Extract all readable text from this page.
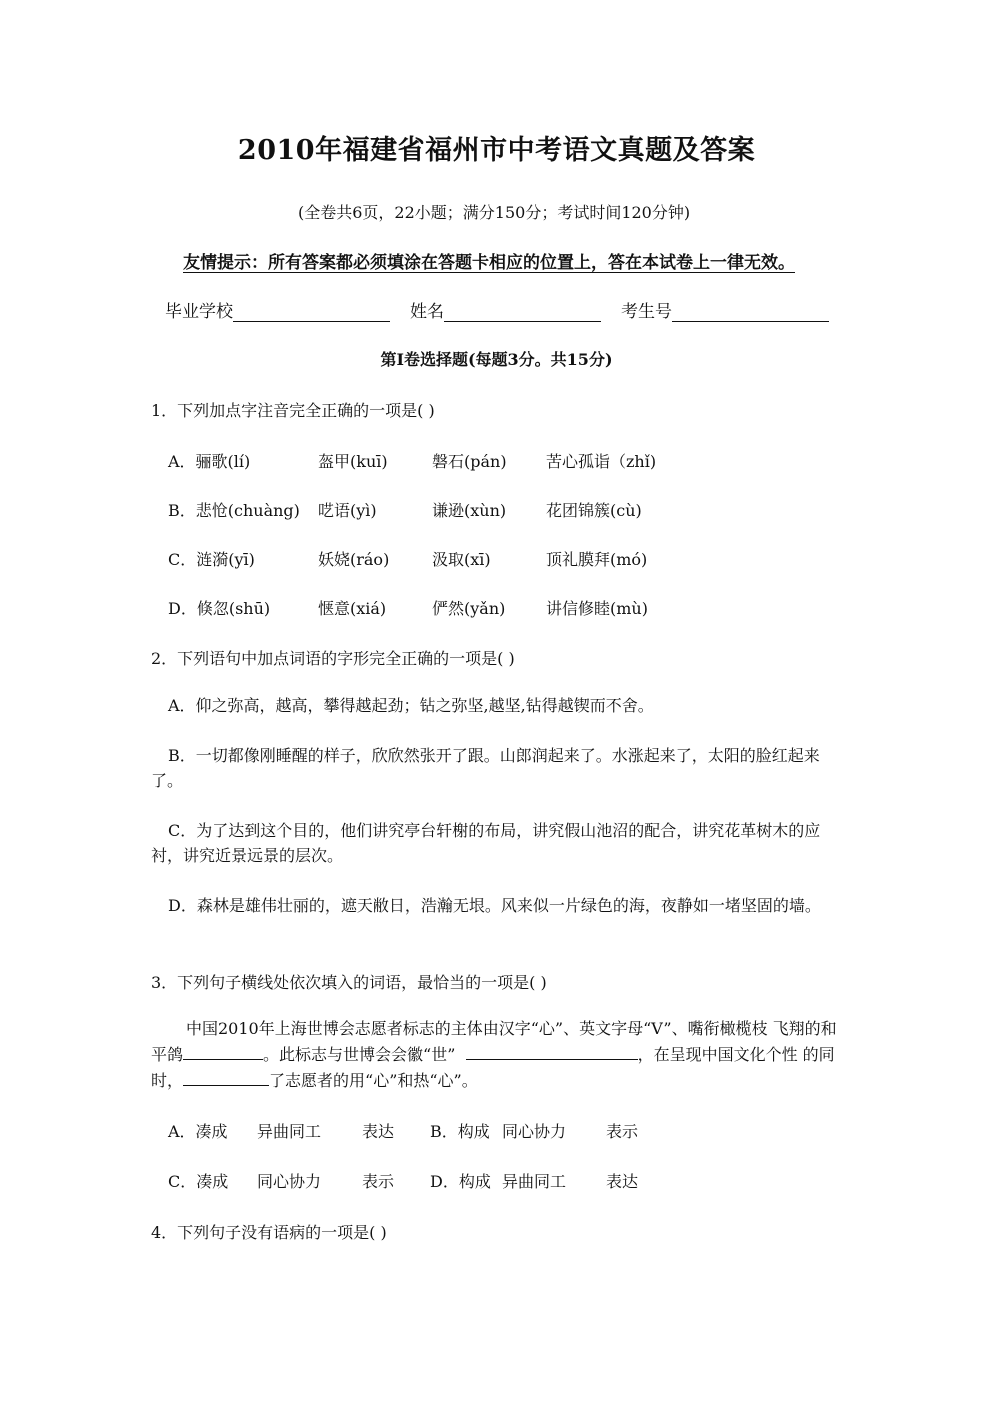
2010年福建省福州市中考语文真题及答案
(全卷共6页，22小题；满分150分；考试时间120分钟)
友情提示：所有答案都必须填涂在答题卡相应的位置上，答在本试卷上一律无效。
毕业学校	姓名	考生号
第Ⅰ卷选择题(每题3分。共15分)
1．下列加点字注音完全正确的一项是( )
A．骊歌(lí)	盔甲(kuī)	磐石(pán) 苦心孤诣（zhǐ)
B．悲怆(chuàng) 呓语(yì)	谦逊(xùn) 花团锦簇(cù)
C．涟漪(yī)	妖娆(ráo)	汲取(xī)	顶礼膜拜(mó)
D．倏忽(shū)	惬意(xiá)	俨然(yǎn)	讲信修睦(mù)
2．下列语句中加点词语的字形完全正确的一项是( )
A．仰之弥高，越高，攀得越起劲；钻之弥坚,越坚,钻得越锲而不舍。
B．一切都像刚睡醒的样子，欣欣然张开了跟。山郎润起来了。水涨起来了，太阳的脸红起来了。
C．为了达到这个目的，他们讲究亭台轩榭的布局，讲究假山池沼的配合，讲究花革树木的应衬，讲究近景远景的层次。
D．森林是雄伟壮丽的，遮天敝日，浩瀚无垠。风来似一片绿色的海，夜静如一堵坚固的墙。
3．下列句子横线处依次填入的词语，最恰当的一项是( )
中国2010年上海世博会志愿者标志的主体由汉字“心”、英文字母“V”、嘴衔橄榄枝 飞翔的和平鸽	。此标志与世博会会徽“世”	，在呈现中国文化个性 的同时，	了志愿者的用“心”和热“心”。
A．凑成 异曲同工	表达 B．构成 同心协力 表示
C．凑成 同心协力	表示 D．构成 异曲同工 表达
4．下列句子没有语病的一项是( )
